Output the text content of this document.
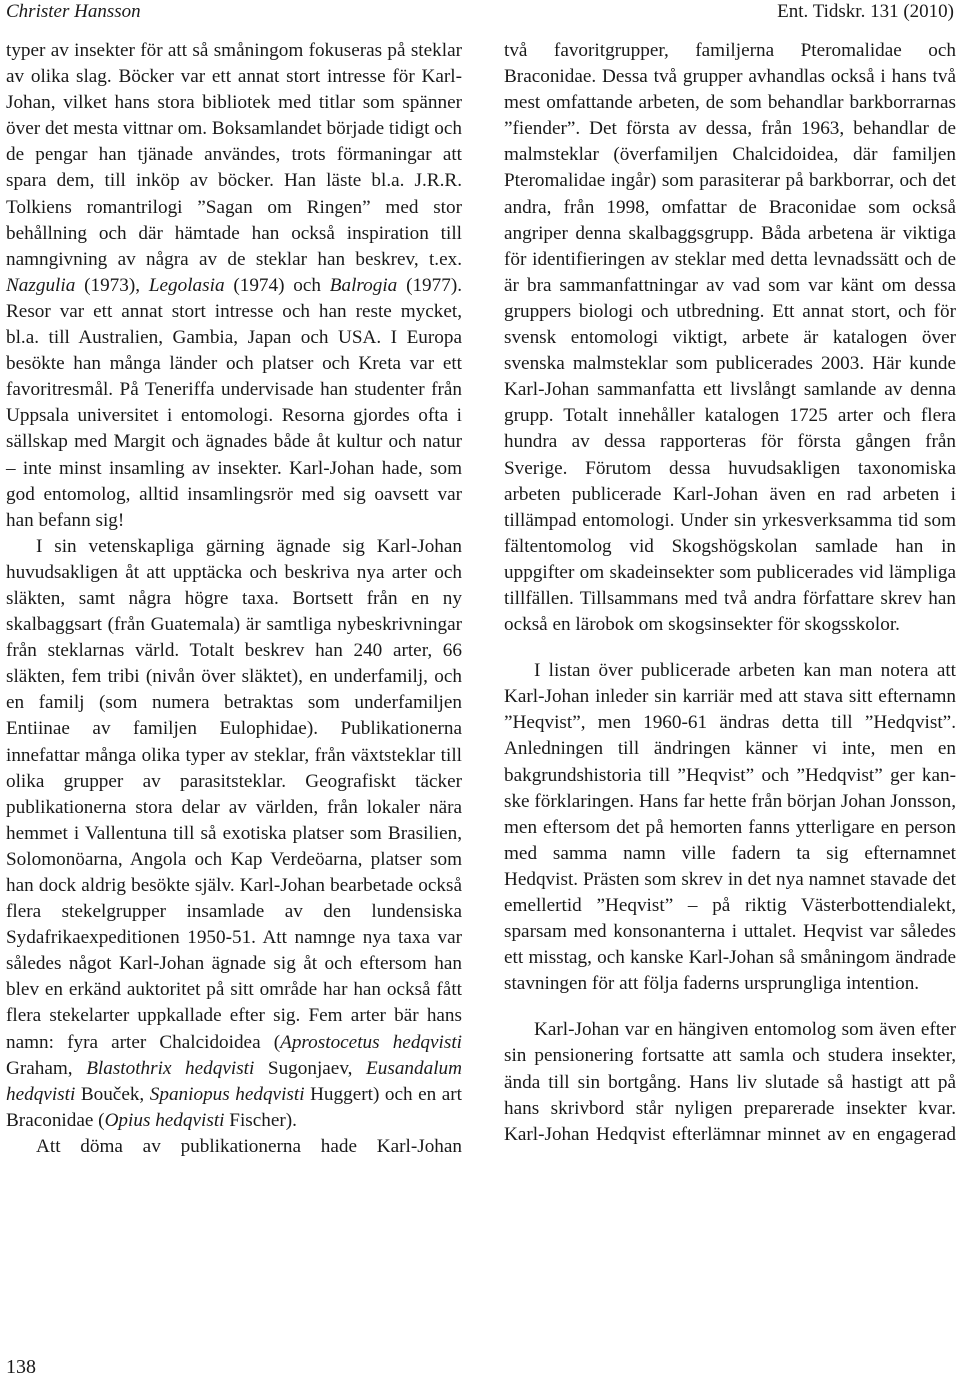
Christer Hansson	Ent. Tidskr. 131 (2010)

typer av insekter för att så småningom fokuseras på steklar av olika slag. Böcker var ett annat stort intresse för Karl-Johan, vilket hans stora bibliotek med titlar som spänner över det mesta vittnar om. Boksamlandet började tidigt och de pengar han tjänade användes, trots förmaningar att spara dem, till inköp av böcker. Han läste bl.a. J.R.R. Tolkiens romantrilogi ”Sagan om Ringen” med stor behållning och där hämtade han också inspiration till namngivning av några av de steklar han beskrev, t.ex. Nazgulia (1973), Legolasia (1974) och Balrogia (1977). Resor var ett annat stort intresse och han reste mycket, bl.a. till Australien, Gambia, Japan och USA. I Europa besökte han många länder och platser och Kreta var ett favoritresmål. På Teneriffa undervisade han studenter från Uppsala universitet i entomologi. Resorna gjordes ofta i sällskap med Margit och ägnades både åt kultur och natur – inte minst insamling av insekter. Karl-Johan hade, som god entomolog, alltid insamlingsrör med sig oavsett var han befann sig!

I sin vetenskapliga gärning ägnade sig Karl-Johan huvudsakligen åt att upptäcka och beskriva nya arter och släkten, samt några högre taxa. Bortsett från en ny skalbaggsart (från Guatemala) är samtliga nybeskrivningar från steklarnas värld. Totalt beskrev han 240 arter, 66 släkten, fem tribi (nivån över släktet), en underfamilj, och en familj (som numera betraktas som underfamiljen Entiinae av familjen Eulophidae). Publikationerna innefattar många olika typer av steklar, från växtsteklar till olika grupper av parasitsteklar. Geografiskt täcker publikationerna stora delar av världen, från lokaler nära hemmet i Vallentuna till så exotiska platser som Brasilien, Solomonöarna, Angola och Kap Verdeöarna, platser som han dock aldrig besökte själv. Karl-Johan bearbetade också flera stekelgrupper insamlade av den lundensiska Sydafrikaexpeditionen 1950-51. Att namnge nya taxa var således något Karl-Johan ägnade sig åt och eftersom han blev en erkänd auktoritet på sitt område har han också fått flera stekelarter uppkallade efter sig. Fem arter bär hans namn: fyra arter Chalcidoidea (Aprostocetus hedqvisti Graham, Blastothrix hedqvisti Sugonjaev, Eusandalum hedqvisti Bouček, Spaniopus hedqvisti Huggert) och en art Braconidae (Opius hedqvisti Fischer).

Att döma av publikationerna hade Karl-Johan

två favoritgrupper, familjerna Pteromalidae och Braconidae. Dessa två grupper avhandlas också i hans två mest omfattande arbeten, de som behandlar barkborrarnas ”fiender”. Det första av dessa, från 1963, behandlar de malmsteklar (överfamiljen Chalcidoidea, där familjen Pteromalidae ingår) som parasiterar på barkborrar, och det andra, från 1998, omfattar de Braconidae som också angriper denna skalbaggsgrupp. Båda arbetena är viktiga för identifieringen av steklar med detta levnadssätt och de är bra sammanfattningar av vad som var känt om dessa gruppers biologi och utbredning. Ett annat stort, och för svensk entomologi viktigt, arbete är katalogen över svenska malmsteklar som publicerades 2003. Här kunde Karl-Johan sammanfatta ett livslångt samlande av denna grupp. Totalt innehåller katalogen 1725 arter och flera hundra av dessa rapporteras för första gången från Sverige. Förutom dessa huvudsakligen taxonomiska arbeten publicerade Karl-Johan även en rad arbeten i tillämpad entomologi. Under sin yrkesverksamma tid som fältentomolog vid Skogshögskolan samlade han in uppgifter om skadeinsekter som publicerades vid lämpliga tillfällen. Tillsammans med två andra författare skrev han också en lärobok om skogsinsekter för skogsskolor.

I listan över publicerade arbeten kan man notera att Karl-Johan inleder sin karriär med att stava sitt efternamn ”Heqvist”, men 1960-61 ändras detta till ”Hedqvist”. Anledningen till ändringen känner vi inte, men en bakgrundshistoria till ”Heqvist” och ”Hedqvist” ger kanske förklaringen. Hans far hette från början Johan Jonsson, men eftersom det på hemorten fanns ytterligare en person med samma namn ville fadern ta sig efternamnet Hedqvist. Prästen som skrev in det nya namnet stavade det emellertid ”Heqvist” – på riktig Västerbottendialekt, sparsam med konsonanterna i uttalet. Heqvist var således ett misstag, och kanske Karl-Johan så småningom ändrade stavningen för att följa faderns ursprungliga intention.

Karl-Johan var en hängiven entomolog som även efter sin pensionering fortsatte att samla och studera insekter, ända till sin bortgång. Hans liv slutade så hastigt att på hans skrivbord står nyligen preparerade insekter kvar. Karl-Johan Hedqvist efterlämnar minnet av en engagerad

138
